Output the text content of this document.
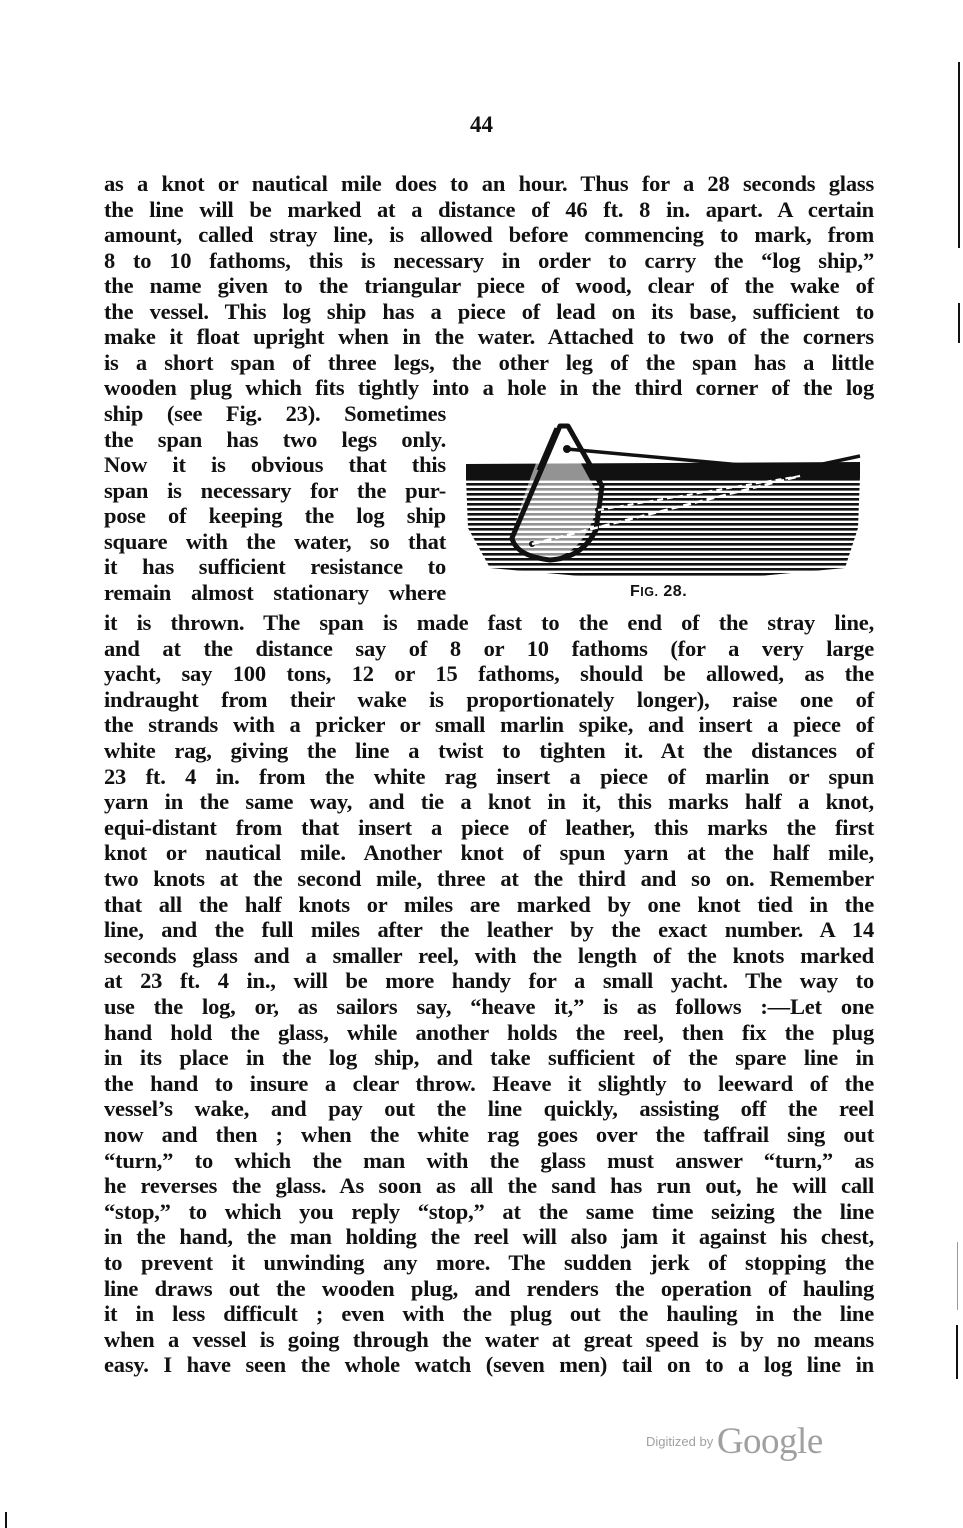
44
as a knot or nautical mile does to an hour. Thus for a 28 seconds glass
the line will be marked at a distance of 46 ft. 8 in. apart. A certain
amount, called stray line, is allowed before commencing to mark, from
8 to 10 fathoms, this is necessary in order to carry the “log ship,”
the name given to the triangular piece of wood, clear of the wake of
the vessel. This log ship has a piece of lead on its base, sufficient to
make it float upright when in the water. Attached to two of the corners
is a short span of three legs, the other leg of the span has a little
wooden plug which fits tightly into a hole in the third corner of the log
ship (see Fig. 23). Sometimes
the span has two legs only.
Now it is obvious that this
span is necessary for the pur-
pose of keeping the log ship
square with the water, so that
it has sufficient resistance to
remain almost stationary where	FIG. 28.
it is thrown. The span is made fast to the end of the stray line,
and at the distance say of 8 or 10 fathoms (for a very large
yacht, say 100 tons, 12 or 15 fathoms, should be allowed, as the
indraught from their wake is proportionately longer), raise one of
the strands with a pricker or small marlin spike, and insert a piece of
white rag, giving the line a twist to tighten it. At the distances of
23 ft. 4 in. from the white rag insert a piece of marlin or spun
yarn in the same way, and tie a knot in it, this marks half a knot,
equi-distant from that insert a piece of leather, this marks the first
knot or nautical mile. Another knot of spun yarn at the half mile,
two knots at the second mile, three at the third and so on. Remember
that all the half knots or miles are marked by one knot tied in the
line, and the full miles after the leather by the exact number. A 14
seconds glass and a smaller reel, with the length of the knots marked
at 23 ft. 4 in., will be more handy for a small yacht. The way to
use the log, or, as sailors say, “heave it,” is as follows :—Let one
hand hold the glass, while another holds the reel, then fix the plug
in its place in the log ship, and take sufficient of the spare line in
the hand to insure a clear throw. Heave it slightly to leeward of the
vessel’s wake, and pay out the line quickly, assisting off the reel
now and then ; when the white rag goes over the taffrail sing out
“turn,” to which the man with the glass must answer “turn,” as
he reverses the glass. As soon as all the sand has run out, he will call
“stop,” to which you reply “stop,” at the same time seizing the line
in the hand, the man holding the reel will also jam it against his chest,
to prevent it unwinding any more. The sudden jerk of stopping the
line draws out the wooden plug, and renders the operation of hauling
it in less difficult ; even with the plug out the hauling in the line
when a vessel is going through the water at great speed is by no means
easy. I have seen the whole watch (seven men) tail on to a log line in
Digitized by Google
